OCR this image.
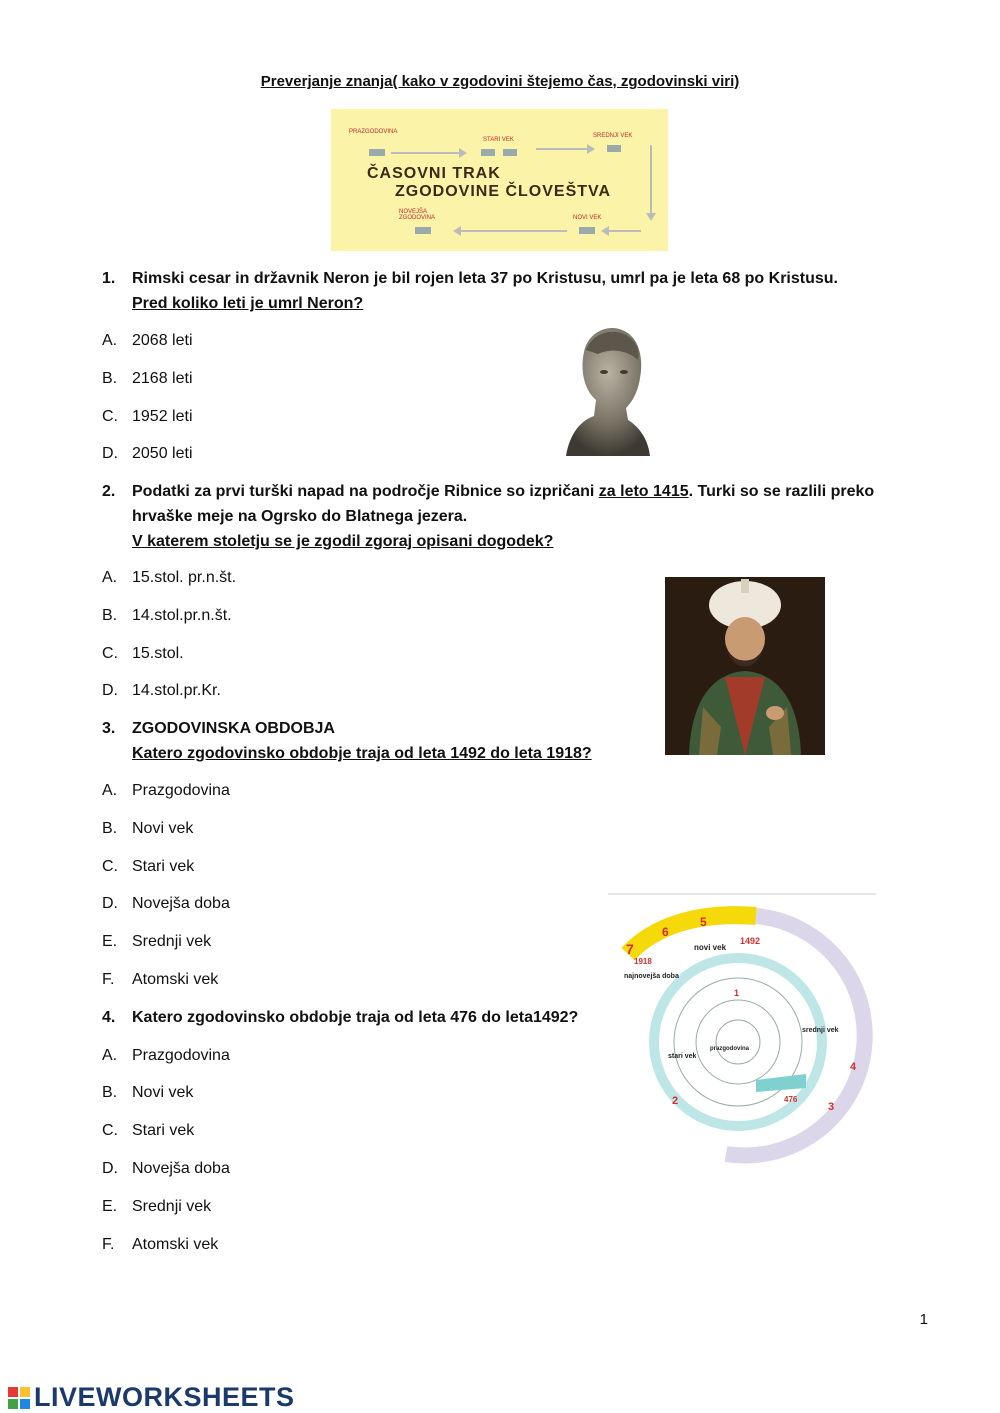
Preverjanje znanja( kako v zgodovini štejemo čas, zgodovinski viri)
PRAZGODOVINA
STARI VEK
SREDNJI VEK
NOVEJŠA ZGODOVINA	NOVI VEK
ČASOVNI TRAK
ZGODOVINE ČLOVEŠTVA
1. Rimski cesar in državnik Neron je bil rojen leta 37 po Kristusu, umrl pa je leta 68 po Kristusu.
Pred koliko leti je umrl Neron?
A. 2068 leti
B. 2168 leti
C. 1952 leti
D. 2050 leti
2. Podatki za prvi turški napad na področje Ribnice so izpričani za leto 1415. Turki so se razlili preko
hrvaške meje na Ogrsko do Blatnega jezera.
V katerem stoletju se je zgodil zgoraj opisani dogodek?
A. 15.stol. pr.n.št.
B. 14.stol.pr.n.št.
C. 15.stol.
D. 14.stol.pr.Kr.
3. ZGODOVINSKA OBDOBJA
Katero zgodovinsko obdobje traja od leta 1492 do leta 1918?
A. Prazgodovina
B. Novi vek
C. Stari vek
D. Novejša doba
E. Srednji vek
F. Atomski vek
4. Katero zgodovinsko obdobje traja od leta 476 do leta1492?
A. Prazgodovina
B. Novi vek
C. Stari vek
D. Novejša doba
E. Srednji vek
F. Atomski vek
novi vek
1492
1918
najnovejša doba
srednji vek
stari vek
prazgodovina
476
1
2	3
4
5
6
7
1
LIVEWORKSHEETS
